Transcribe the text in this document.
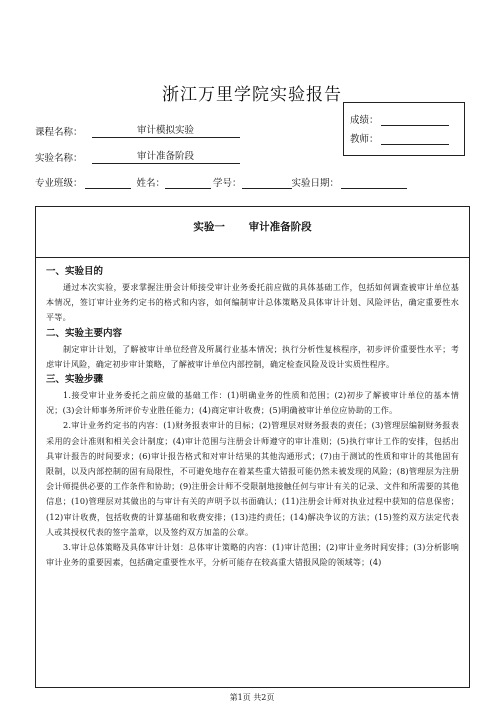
浙江万里学院实验报告
成绩：
教师：
课程名称：	审计模拟实验
实验名称：	审计准备阶段
专业班级：	姓名：	学号：	实验日期：
实验一 审计准备阶段
一、实验目的
通过本次实验，要求掌握注册会计师接受审计业务委托前应做的具体基础工作，包括如何调查被审计单位基本情况，签订审计业务约定书的格式和内容，如何编制审计总体策略及具体审计计划、风险评估，确定重要性水平等。
二、实验主要内容
制定审计计划，了解被审计单位经营及所属行业基本情况；执行分析性复核程序，初步评价重要性水平；考虑审计风险，确定初步审计策略，了解被审计单位内部控制，确定检查风险及设计实质性程序。
三、实验步骤
1.接受审计业务委托之前应做的基础工作：(1)明确业务的性质和范围；(2)初步了解被审计单位的基本情况；(3)会计师事务所评价专业胜任能力；(4)商定审计收费；(5)明确被审计单位应协助的工作。
2.审计业务约定书的内容：(1)财务报表审计的目标；(2)管理层对财务报表的责任；(3)管理层编制财务报表采用的会计准则和相关会计制度；(4)审计范围与注册会计师遵守的审计准则；(5)执行审计工作的安排，包括出具审计报告的时间要求；(6)审计报告格式和对审计结果的其他沟通形式；(7)由于测试的性质和审计的其他固有限制，以及内部控制的固有局限性，不可避免地存在着某些重大错报可能仍然未被发现的风险；(8)管理层为注册会计师提供必要的工作条件和协助；(9)注册会计师不受限制地接触任何与审计有关的记录、文件和所需要的其他信息；(10)管理层对其做出的与审计有关的声明予以书面确认；(11)注册会计师对执业过程中获知的信息保密；(12)审计收费，包括收费的计算基础和收费安排；(13)违约责任；(14)解决争议的方法；(15)签约双方法定代表人或其授权代表的签字盖章，以及签约双方加盖的公章。
3.审计总体策略及具体审计计划：总体审计策略的内容：(1)审计范围；(2)审计业务时间安排；(3)分析影响审计业务的重要因素，包括确定重要性水平，分析可能存在较高重大错报风险的领域等；(4)
第1页 共2页
